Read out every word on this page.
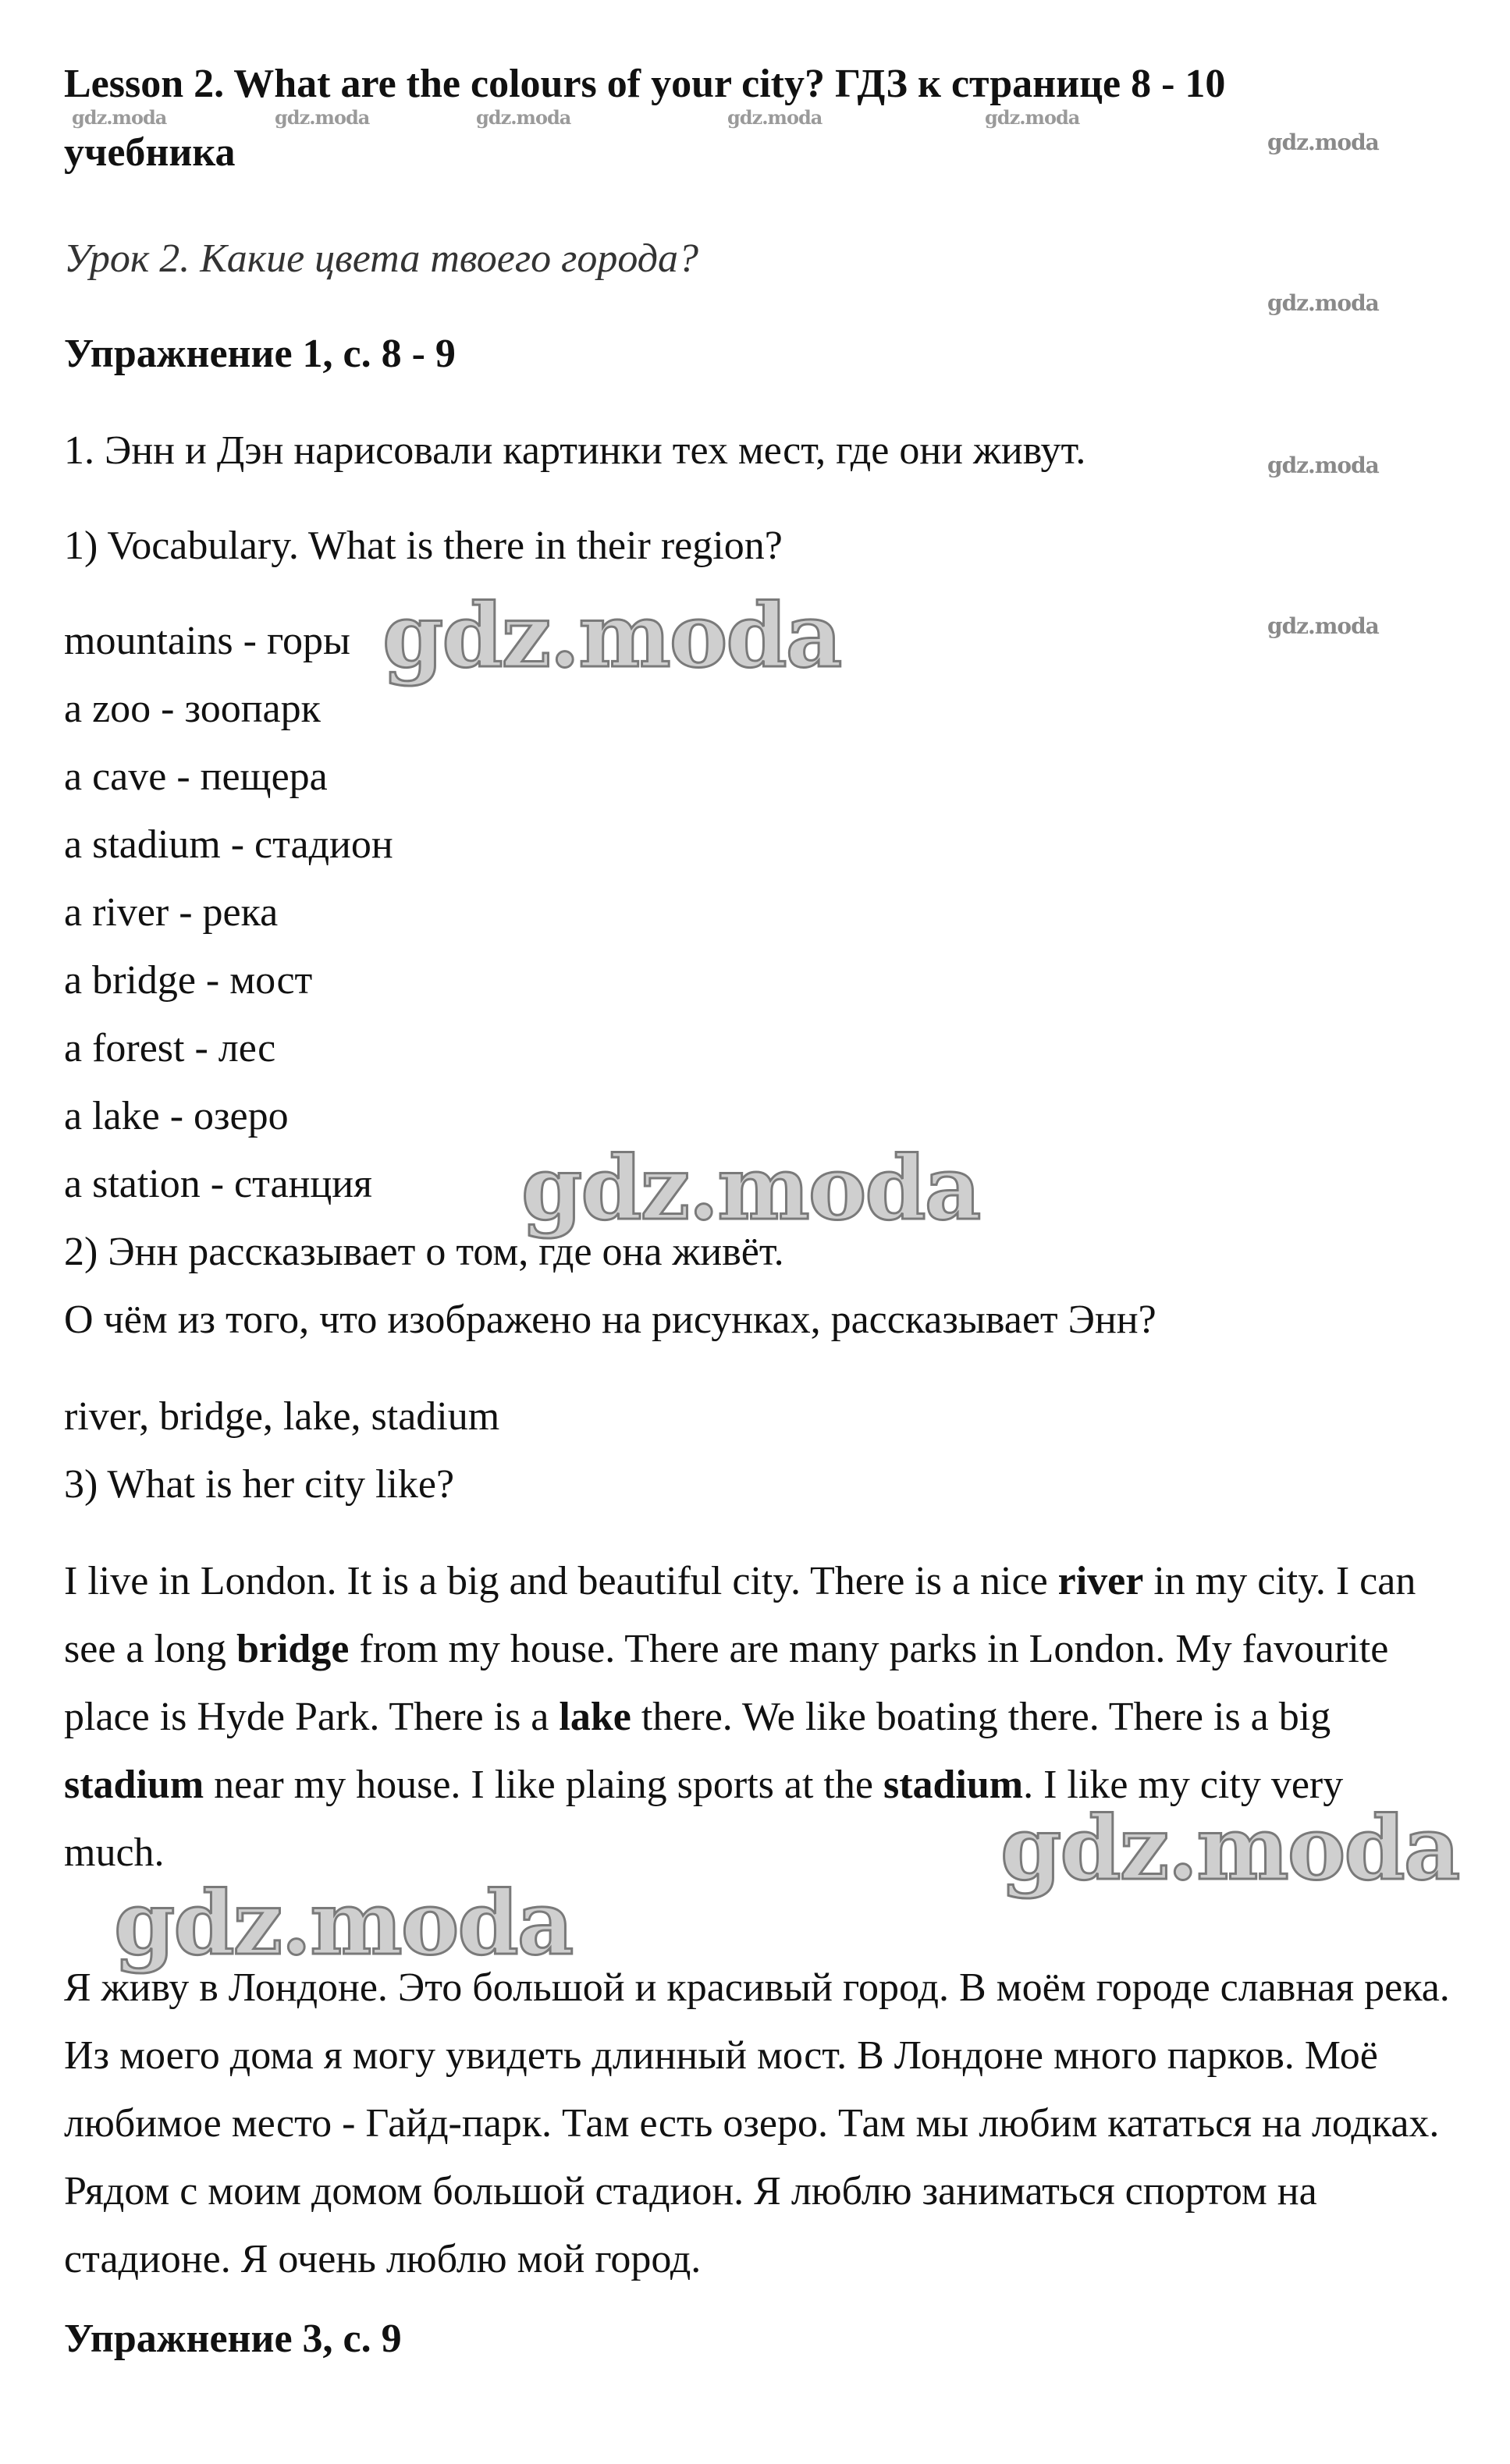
Lesson 2. What are the colours of your city? ГДЗ к странице 8 - 10
учебника
Урок 2. Какие цвета твоего города?
Упражнение 1, с. 8 - 9
1. Энн и Дэн нарисовали картинки тех мест, где они живут.
1) Vocabulary. What is there in their region?
mountains - горы
a zoo - зоопарк
a cave - пещера
a stadium - стадион
a river - река
a bridge - мост
a forest - лес
a lake - озеро
a station - станция
2) Энн рассказывает о том, где она живёт.
О чём из того, что изображено на рисунках, рассказывает Энн?
river, bridge, lake, stadium
3) What is her city like?
I live in London. It is a big and beautiful city. There is a nice river in my city. I can see a long bridge from my house. There are many parks in London. My favourite place is Hyde Park. There is a lake there. We like boating there. There is a big stadium near my house. I like plaing sports at the stadium. I like my city very much.
Я живу в Лондоне. Это большой и красивый город. В моём городе славная река. Из моего дома я могу увидеть длинный мост. В Лондоне много парков. Моё любимое место - Гайд-парк. Там есть озеро. Там мы любим кататься на лодках. Рядом с моим домом большой стадион. Я люблю заниматься спортом на стадионе. Я очень люблю мой город.
Упражнение 3, с. 9
gdz.moda	gdz.moda	gdz.moda	gdz.moda	gdz.moda
gdz.moda
gdz.moda
gdz.moda
gdz.moda
gdz.moda
gdz.moda
gdz.moda
gdz.moda
